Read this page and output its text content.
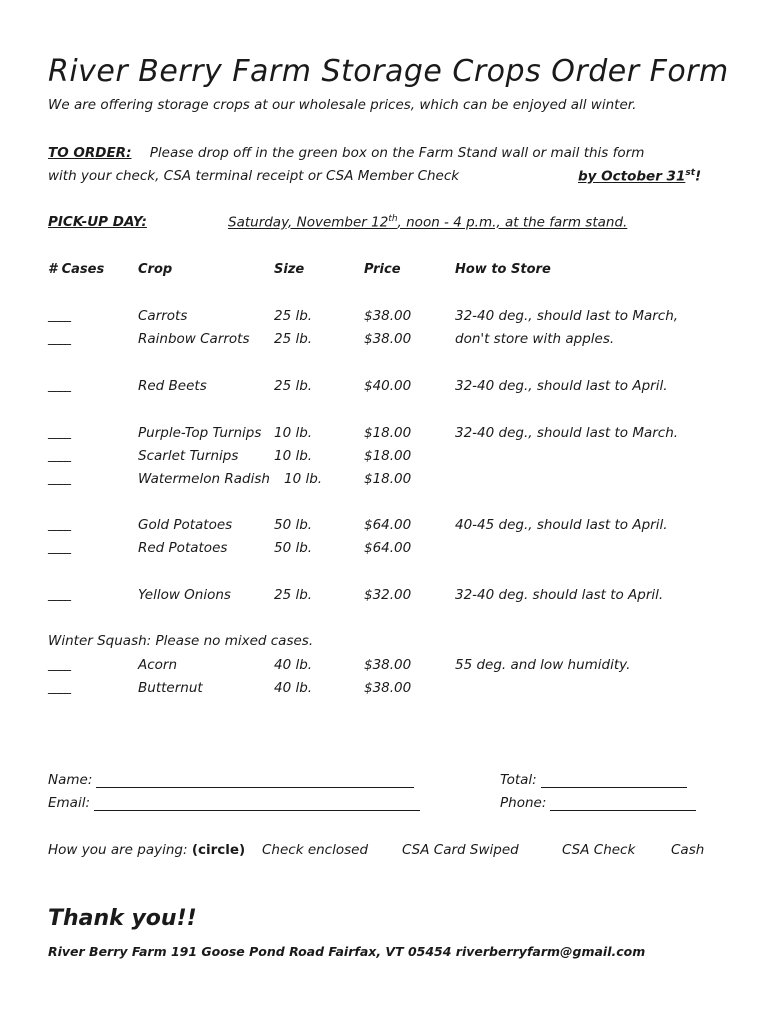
River Berry Farm Storage Crops Order Form
We are offering storage crops at our wholesale prices, which can be enjoyed all winter.
TO ORDER: Please drop off in the green box on the Farm Stand wall or mail this form
with your check, CSA terminal receipt or CSA Member Check	by October 31st!
PICK-UP DAY:	Saturday, November 12th, noon - 4 p.m., at the farm stand.
# Cases	Crop	Size	Price	How to Store
____	Carrots	25 lb.	$38.00	32-40 deg., should last to March,
____	Rainbow Carrots 25 lb.	$38.00	don't store with apples.
____	Red Beets	25 lb.	$40.00	32-40 deg., should last to April.
____	Purple-Top Turnips 10 lb.	$18.00	32-40 deg., should last to March.
____	Scarlet Turnips	10 lb.	$18.00
____	Watermelon Radish 10 lb.	$18.00
____	Gold Potatoes	50 lb.	$64.00	40-45 deg., should last to April.
____	Red Potatoes	50 lb.	$64.00
____	Yellow Onions	25 lb.	$32.00	32-40 deg. should last to April.
Winter Squash: Please no mixed cases.
____	Acorn	40 lb.	$38.00	55 deg. and low humidity.
____	Butternut	40 lb.	$38.00
Name:
Email:
Total:
Phone:
How you are paying: (circle) Check enclosed	CSA Card Swiped	CSA Check	Cash
Thank you!!
River Berry Farm 191 Goose Pond Road Fairfax, VT 05454 riverberryfarm@gmail.com
